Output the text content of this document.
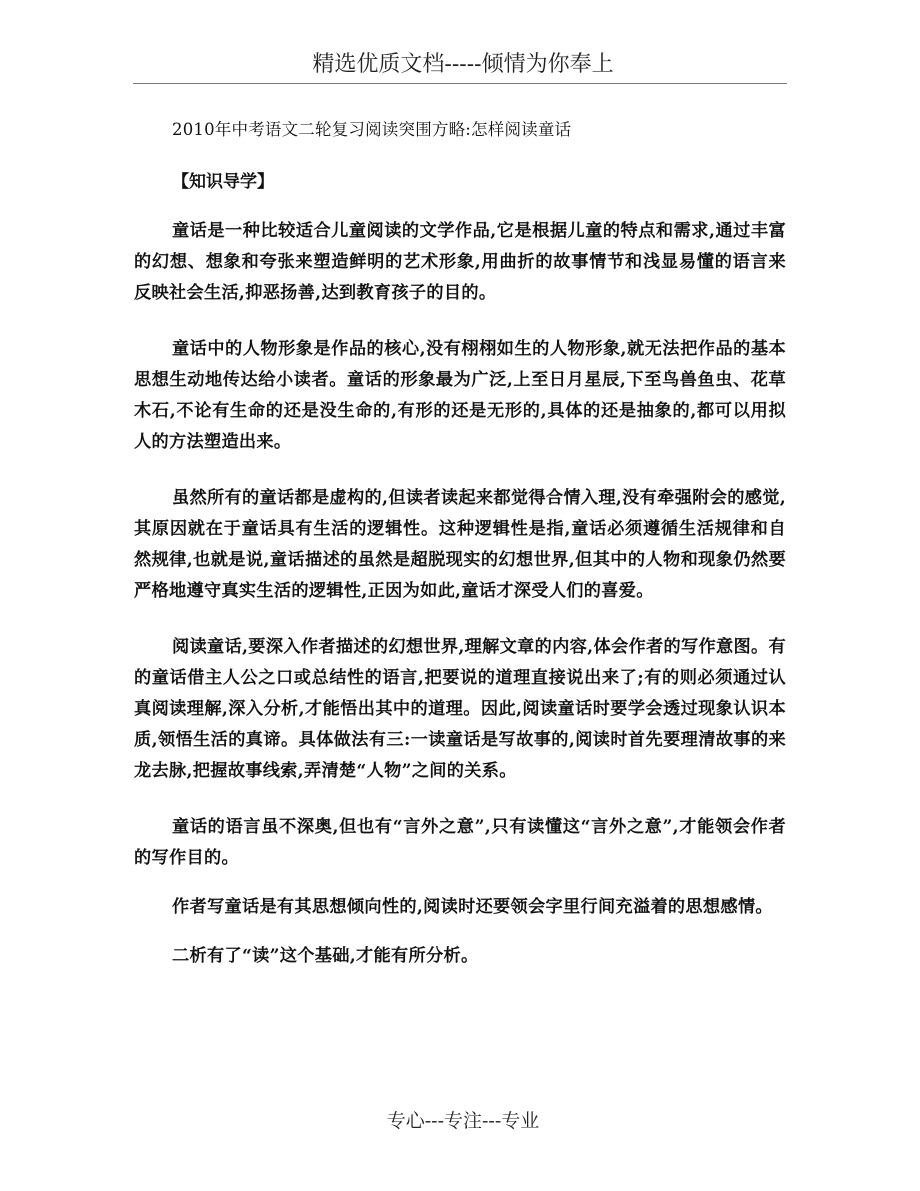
精选优质文档-----倾情为你奉上
2010年中考语文二轮复习阅读突围方略:怎样阅读童话
【知识导学】

童话是一种比较适合儿童阅读的文学作品,它是根据儿童的特点和需求,通过丰富的幻想、想象和夸张来塑造鲜明的艺术形象,用曲折的故事情节和浅显易懂的语言来反映社会生活,抑恶扬善,达到教育孩子的目的。

童话中的人物形象是作品的核心,没有栩栩如生的人物形象,就无法把作品的基本思想生动地传达给小读者。童话的形象最为广泛,上至日月星辰,下至鸟兽鱼虫、花草木石,不论有生命的还是没生命的,有形的还是无形的,具体的还是抽象的,都可以用拟人的方法塑造出来。

虽然所有的童话都是虚构的,但读者读起来都觉得合情入理,没有牵强附会的感觉,其原因就在于童话具有生活的逻辑性。这种逻辑性是指,童话必须遵循生活规律和自然规律,也就是说,童话描述的虽然是超脱现实的幻想世界,但其中的人物和现象仍然要严格地遵守真实生活的逻辑性,正因为如此,童话才深受人们的喜爱。

阅读童话,要深入作者描述的幻想世界,理解文章的内容,体会作者的写作意图。有的童话借主人公之口或总结性的语言,把要说的道理直接说出来了;有的则必须通过认真阅读理解,深入分析,才能悟出其中的道理。因此,阅读童话时要学会透过现象认识本质,领悟生活的真谛。具体做法有三:一读童话是写故事的,阅读时首先要理清故事的来龙去脉,把握故事线索,弄清楚“人物”之间的关系。

童话的语言虽不深奥,但也有“言外之意”,只有读懂这“言外之意”,才能领会作者的写作目的。

作者写童话是有其思想倾向性的,阅读时还要领会字里行间充溢着的思想感情。

二析有了“读”这个基础,才能有所分析。

专心---专注---专业
